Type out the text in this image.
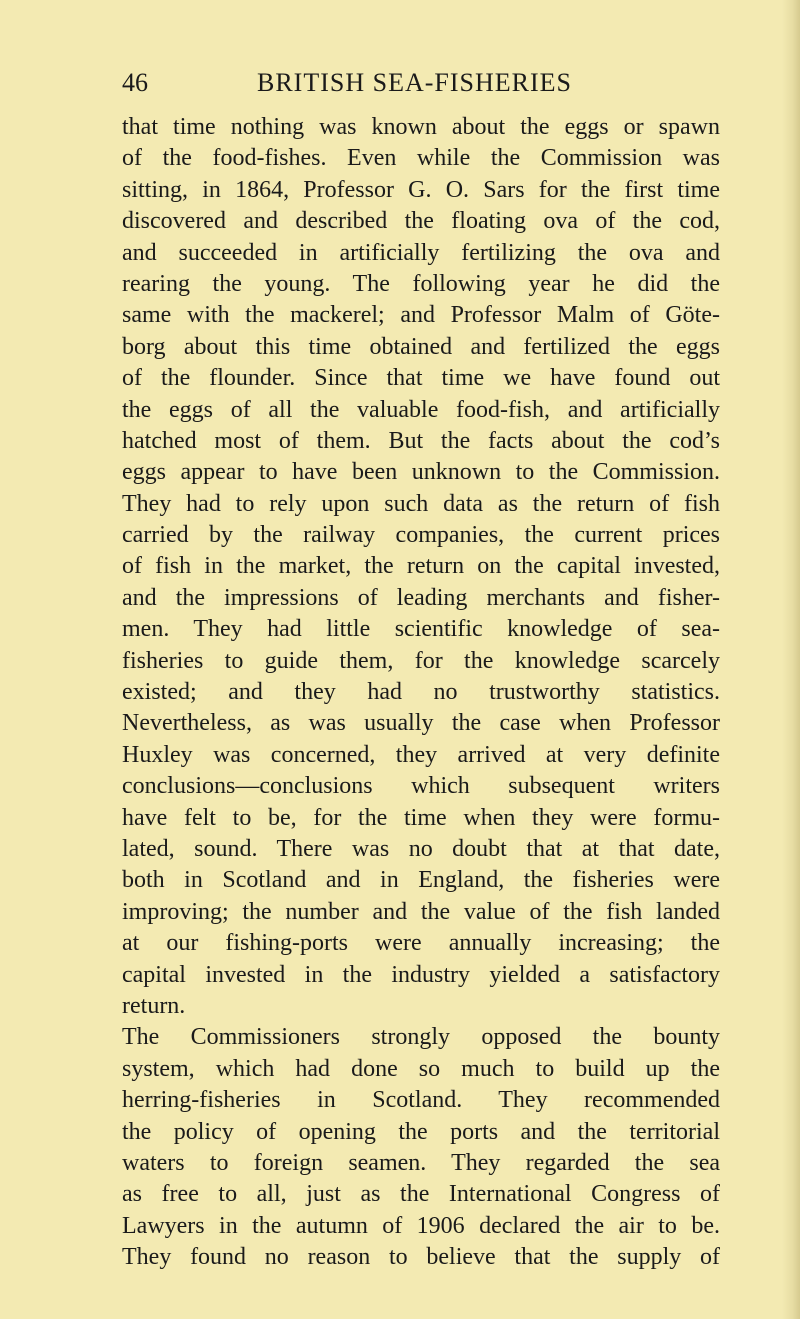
46	BRITISH SEA-FISHERIES
that time nothing was known about the eggs or spawn
of the food-fishes. Even while the Commission was
sitting, in 1864, Professor G. O. Sars for the first time
discovered and described the floating ova of the cod,
and succeeded in artificially fertilizing the ova and
rearing the young. The following year he did the
same with the mackerel; and Professor Malm of Göte-
borg about this time obtained and fertilized the eggs
of the flounder. Since that time we have found out
the eggs of all the valuable food-fish, and artificially
hatched most of them. But the facts about the cod’s
eggs appear to have been unknown to the Commission.
They had to rely upon such data as the return of fish
carried by the railway companies, the current prices
of fish in the market, the return on the capital invested,
and the impressions of leading merchants and fisher-
men. They had little scientific knowledge of sea-
fisheries to guide them, for the knowledge scarcely
existed; and they had no trustworthy statistics.
Nevertheless, as was usually the case when Professor
Huxley was concerned, they arrived at very definite
conclusions—conclusions which subsequent writers
have felt to be, for the time when they were formu-
lated, sound. There was no doubt that at that date,
both in Scotland and in England, the fisheries were
improving; the number and the value of the fish landed
at our fishing-ports were annually increasing; the
capital invested in the industry yielded a satisfactory
return.
The Commissioners strongly opposed the bounty
system, which had done so much to build up the
herring-fisheries in Scotland. They recommended
the policy of opening the ports and the territorial
waters to foreign seamen. They regarded the sea
as free to all, just as the International Congress of
Lawyers in the autumn of 1906 declared the air to be.
They found no reason to believe that the supply of
